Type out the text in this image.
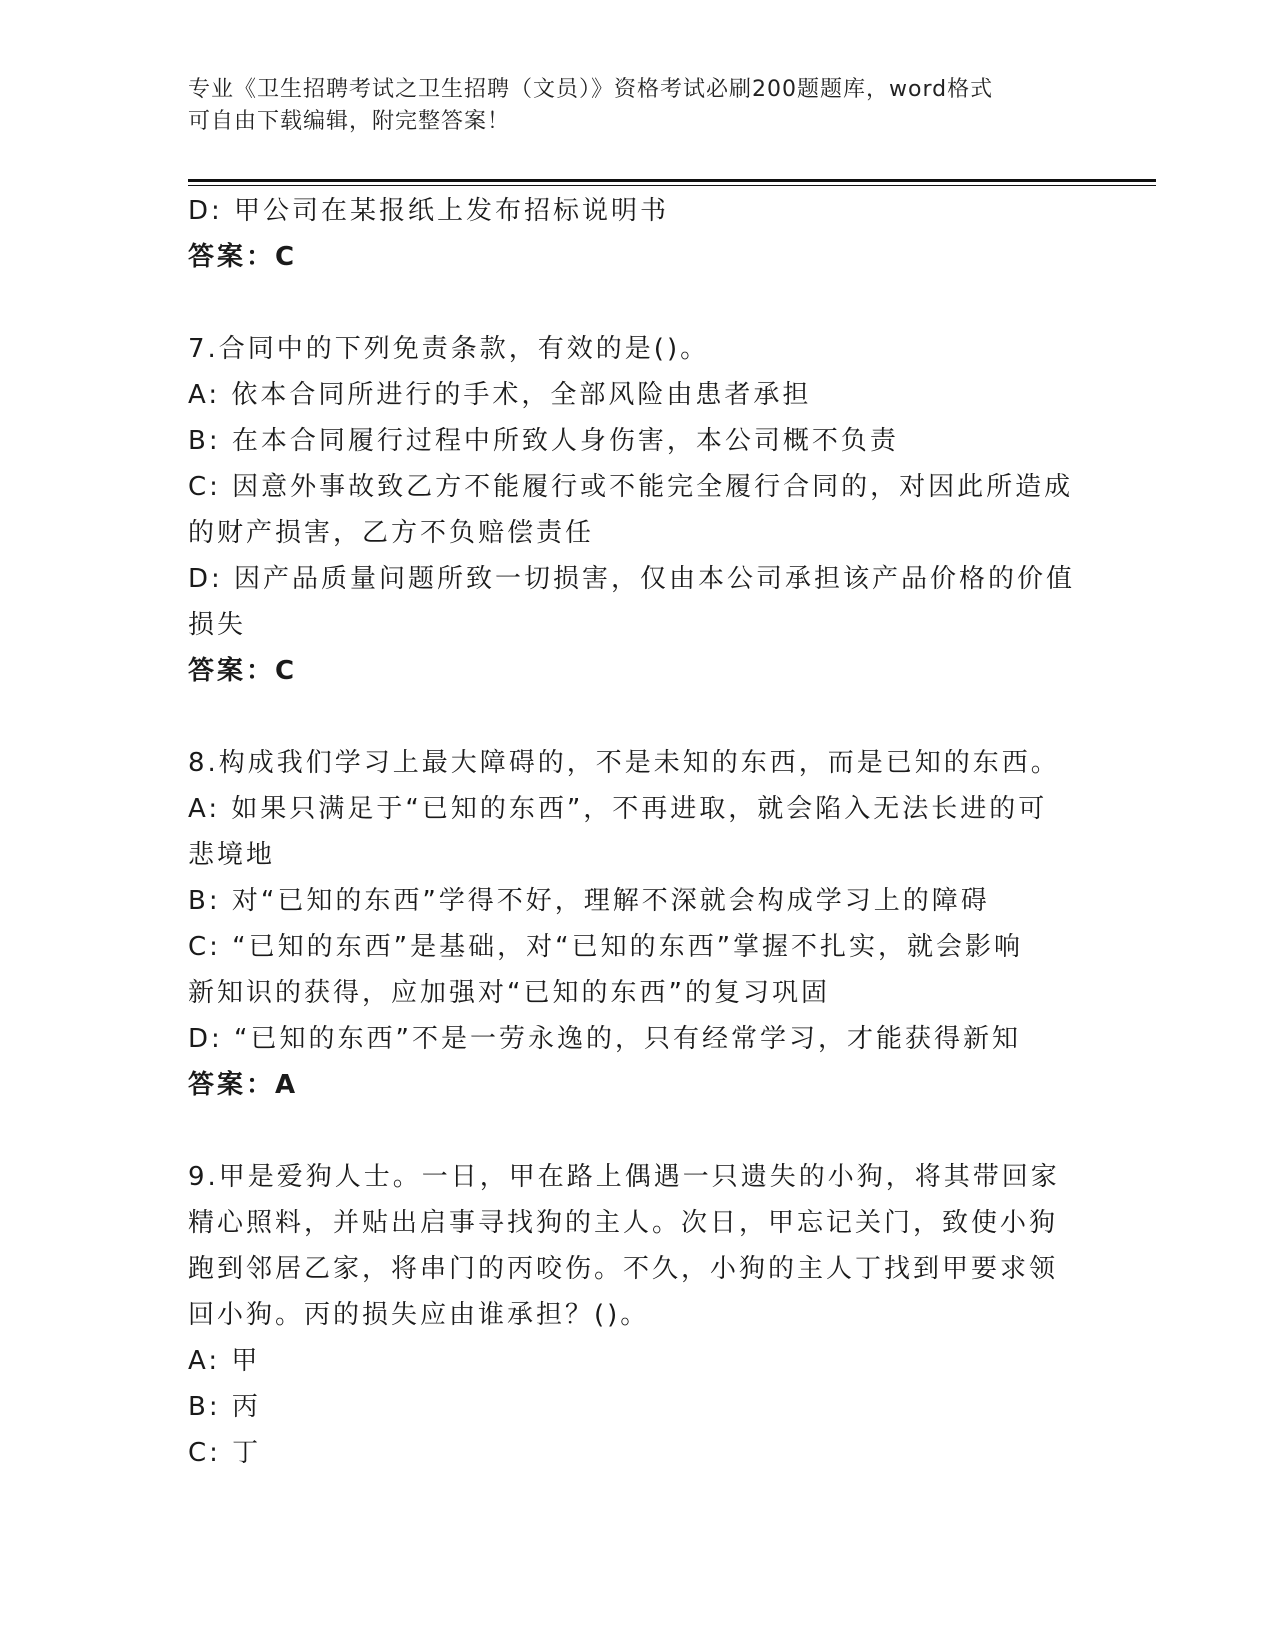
专业《卫生招聘考试之卫生招聘（文员）》资格考试必刷200题题库，word格式
可自由下载编辑，附完整答案！

D: 甲公司在某报纸上发布招标说明书

答案：C

7.合同中的下列免责条款，有效的是()。

A: 依本合同所进行的手术，全部风险由患者承担

B: 在本合同履行过程中所致人身伤害，本公司概不负责

C: 因意外事故致乙方不能履行或不能完全履行合同的，对因此所造成

的财产损害，乙方不负赔偿责任

D: 因产品质量问题所致一切损害，仅由本公司承担该产品价格的价值

损失

答案：C

8.构成我们学习上最大障碍的，不是未知的东西，而是已知的东西。

A: 如果只满足于“已知的东西”，不再进取，就会陷入无法长进的可

悲境地

B: 对“已知的东西”学得不好，理解不深就会构成学习上的障碍

C: “已知的东西”是基础，对“已知的东西”掌握不扎实，就会影响

新知识的获得，应加强对“已知的东西”的复习巩固

D: “已知的东西”不是一劳永逸的，只有经常学习，才能获得新知

答案：A

9.甲是爱狗人士。一日，甲在路上偶遇一只遗失的小狗，将其带回家

精心照料，并贴出启事寻找狗的主人。次日，甲忘记关门，致使小狗

跑到邻居乙家，将串门的丙咬伤。不久，小狗的主人丁找到甲要求领

回小狗。丙的损失应由谁承担？()。

A: 甲

B: 丙

C: 丁
